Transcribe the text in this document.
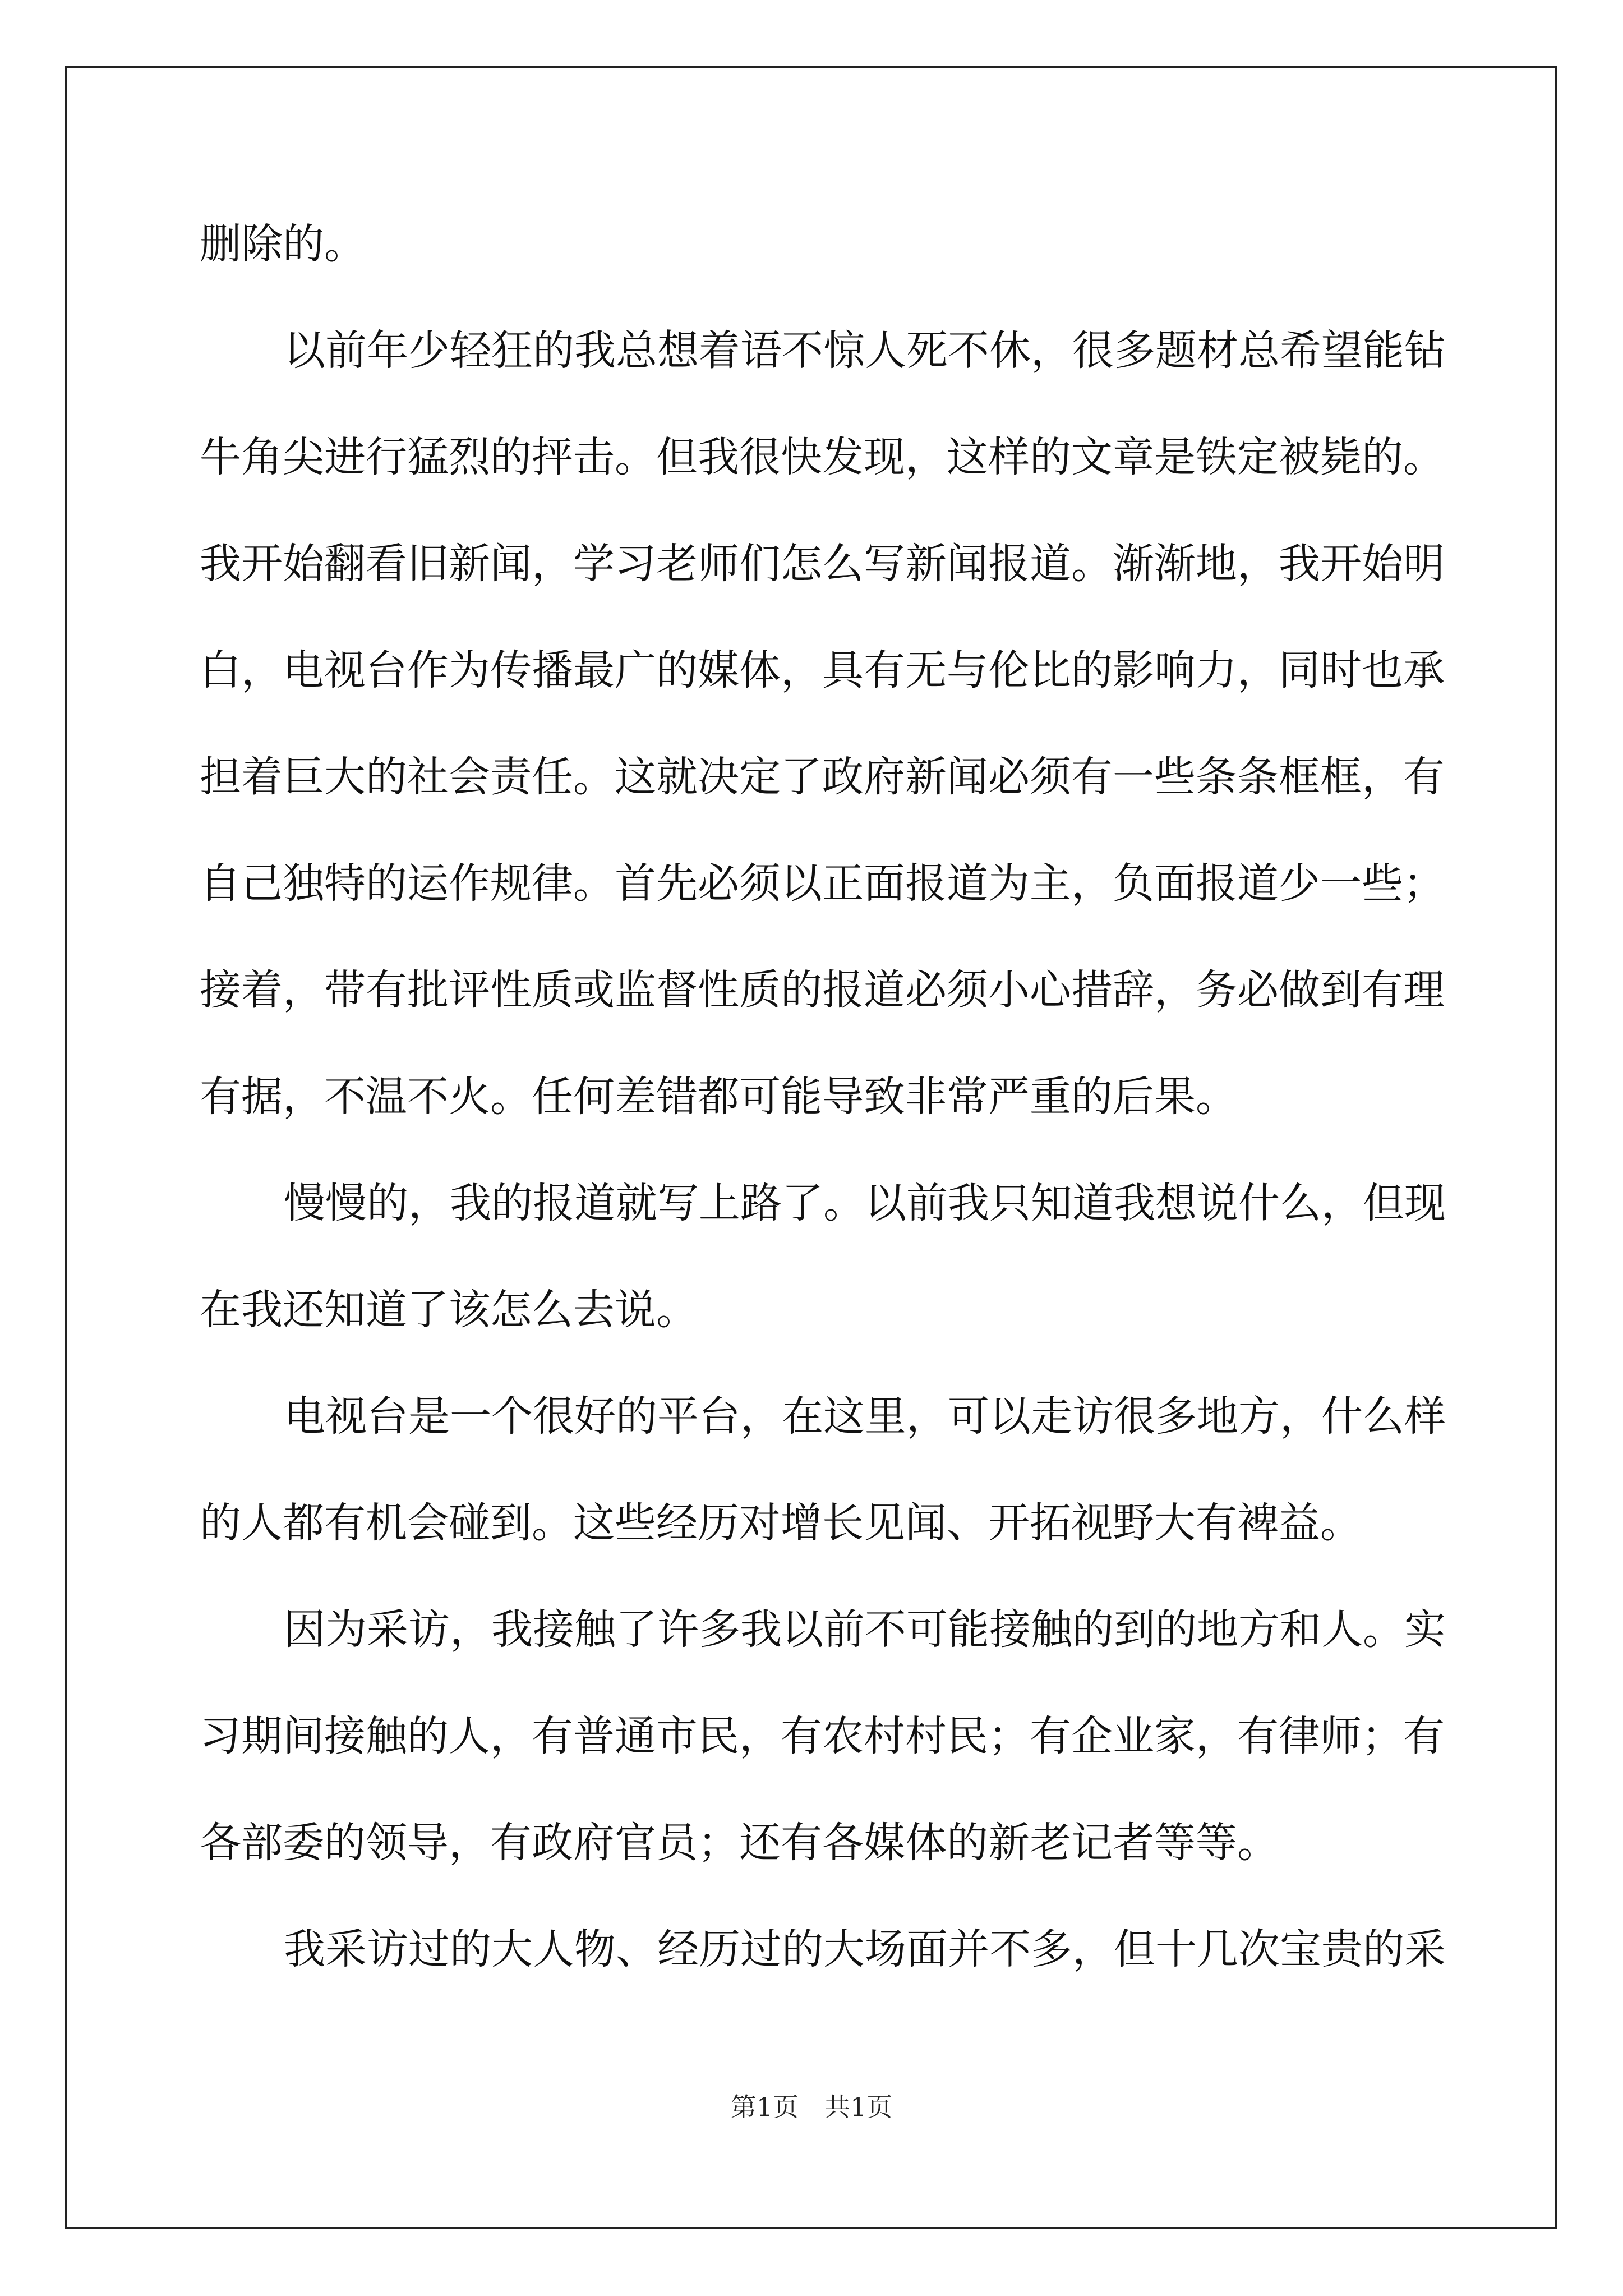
删除的。
以前年少轻狂的我总想着语不惊人死不休，很多题材总希望能钻
牛角尖进行猛烈的抨击。但我很快发现，这样的文章是铁定被毙的。
我开始翻看旧新闻，学习老师们怎么写新闻报道。渐渐地，我开始明
白，电视台作为传播最广的媒体，具有无与伦比的影响力，同时也承
担着巨大的社会责任。这就决定了政府新闻必须有一些条条框框，有
自己独特的运作规律。首先必须以正面报道为主，负面报道少一些；
接着，带有批评性质或监督性质的报道必须小心措辞，务必做到有理
有据，不温不火。任何差错都可能导致非常严重的后果。
慢慢的，我的报道就写上路了。以前我只知道我想说什么，但现
在我还知道了该怎么去说。
电视台是一个很好的平台，在这里，可以走访很多地方，什么样
的人都有机会碰到。这些经历对增长见闻、开拓视野大有裨益。
因为采访，我接触了许多我以前不可能接触的到的地方和人。实
习期间接触的人，有普通市民，有农村村民；有企业家，有律师；有
各部委的领导，有政府官员；还有各媒体的新老记者等等。
我采访过的大人物、经历过的大场面并不多，但十几次宝贵的采
第1页 共1页
